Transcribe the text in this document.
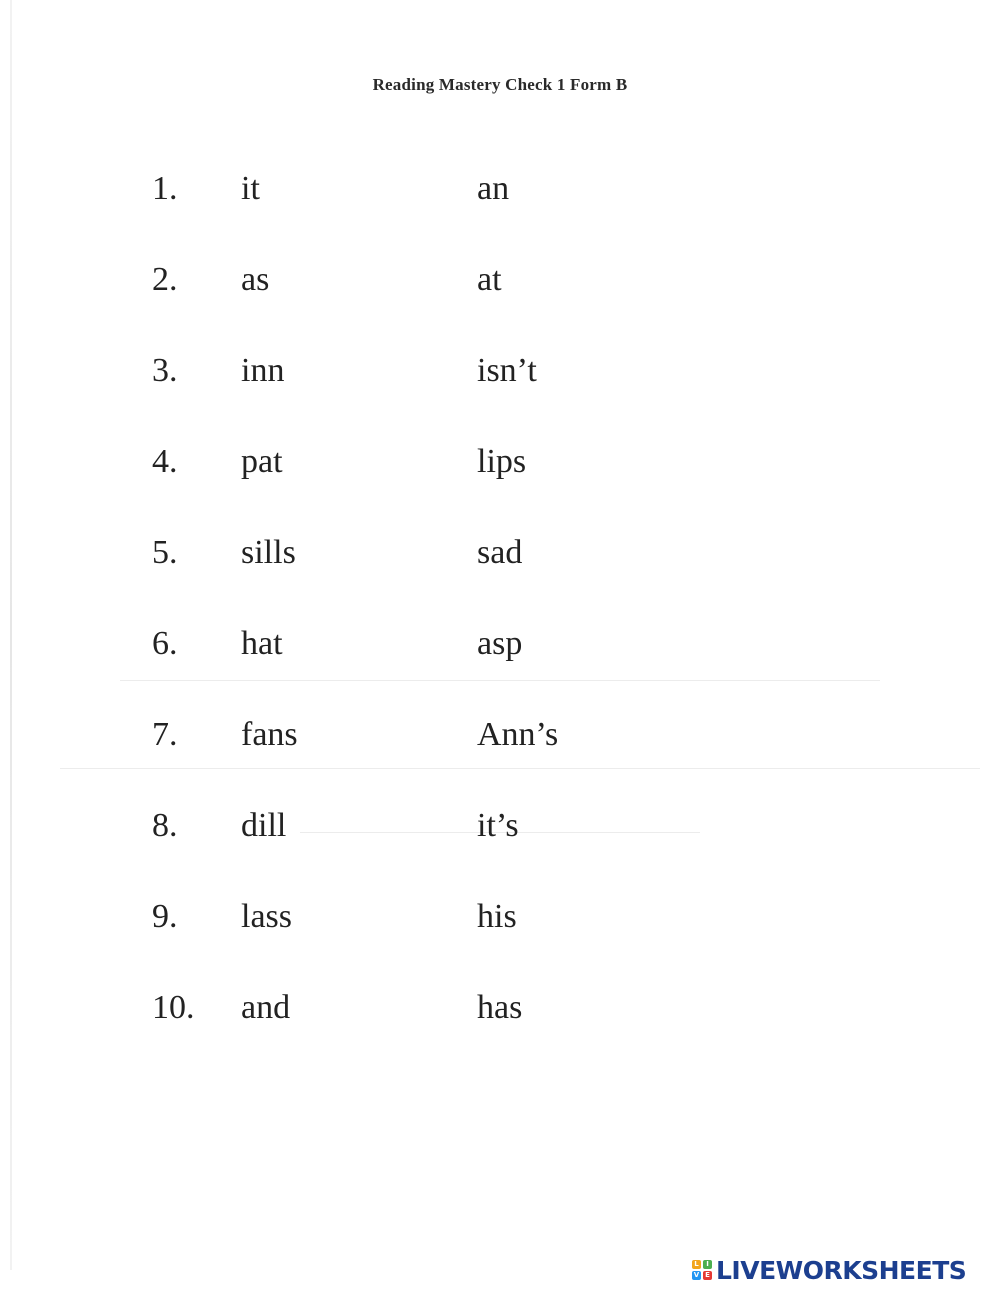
Reading Mastery Check 1 Form B
1. it	an
2. as	at
3. inn	isn’t
4. pat	lips
5. sills	sad
6. hat	asp
7. fans	Ann’s
8. dill	it’s
9. lass	his
10. and	has
L	I
V E LIVEWORKSHEETS
